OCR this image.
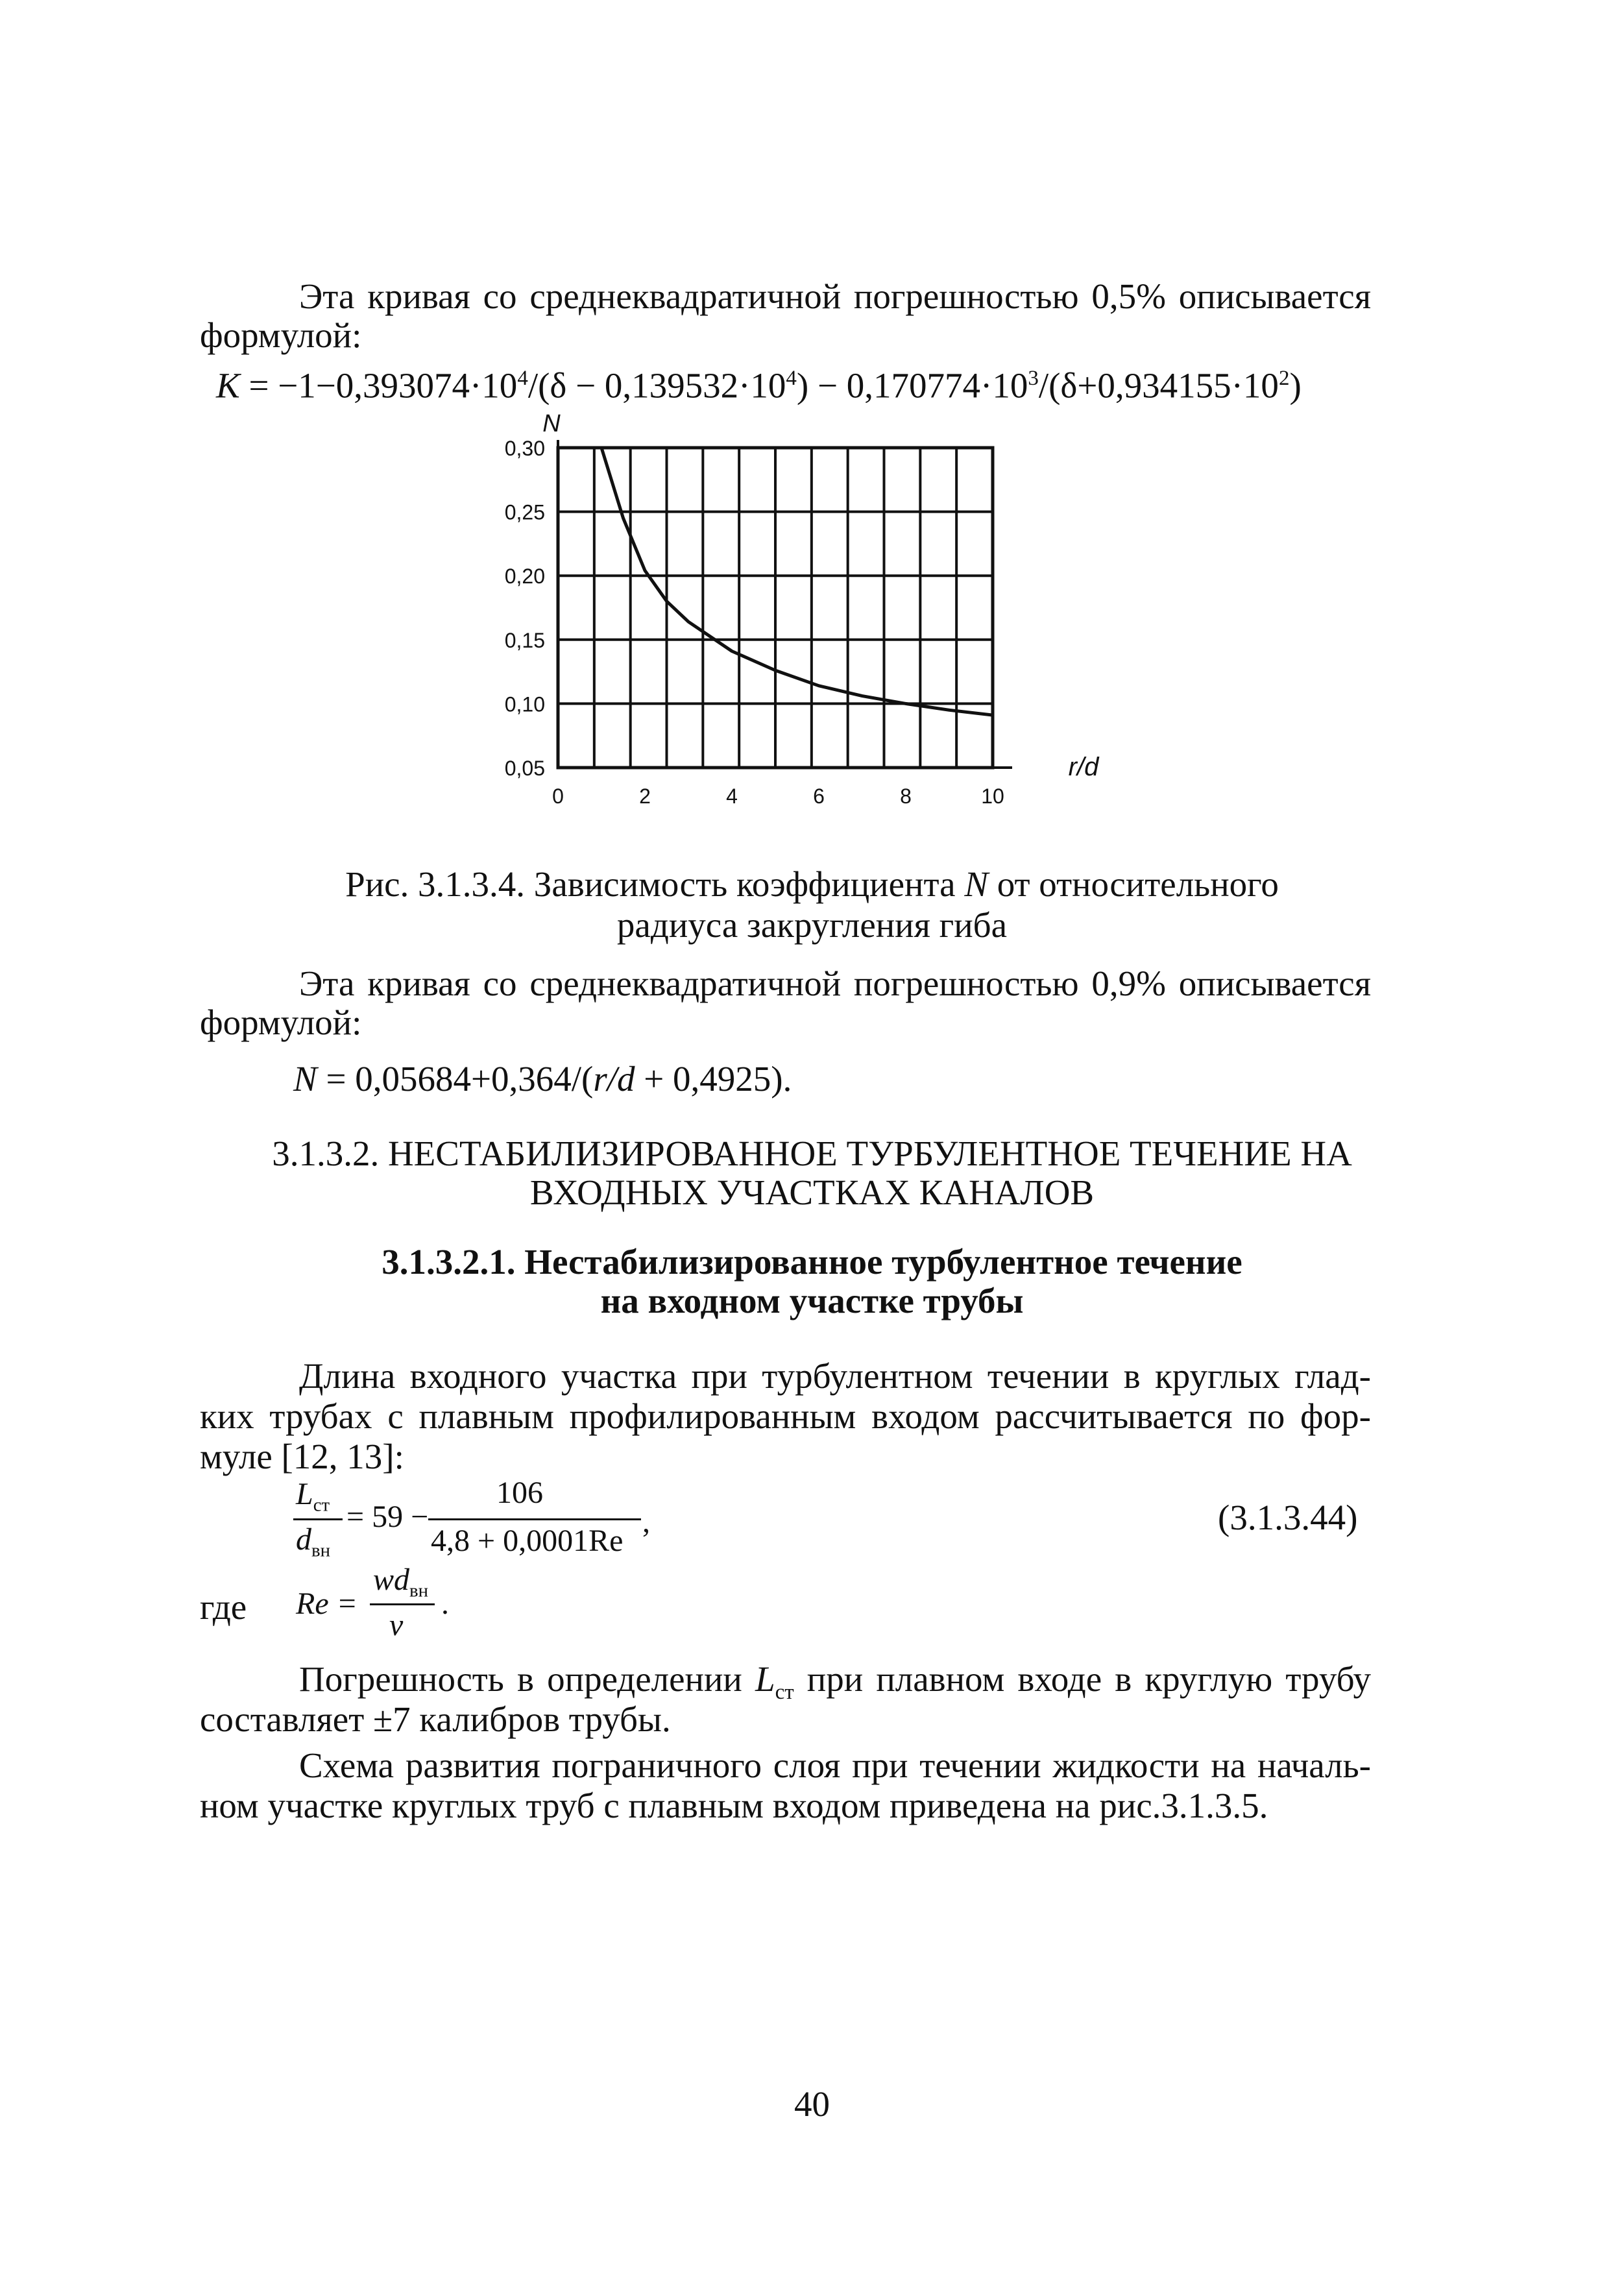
Эта кривая со среднеквадратичной погрешностью 0,5% описывается

формулой:

$K = -1-0,393074\cdot 10^4/(\delta - 0,139532\cdot 10^4) - 0,170774\cdot 10^3/(\delta+0,934155\cdot 10^2)$

0,30
0,25
0,20
0,15
0,10
0,05
0	2	4	6	8	10
N
r/d

Рис. 3.1.3.4. Зависимость коэффициента N от относительного

радиуса закругления гиба

Эта кривая со среднеквадратичной погрешностью 0,9% описывается

формулой:

N = 0,05684+0,364/(r/d + 0,4925).

3.1.3.2. НЕСТАБИЛИЗИРОВАННОЕ ТУРБУЛЕНТНОЕ ТЕЧЕНИЕ НА

ВХОДНЫХ УЧАСТКАХ КАНАЛОВ

3.1.3.2.1. Нестабилизированное турбулентное течение

на входном участке трубы

Длина входного участка при турбулентном течении в круглых глад-

ких трубах с плавным профилированным входом рассчитывается по фор-

муле [12, 13]:

$L_{ст}$
$d_{вн}$
= 59 −
106
4,8 + 0,0001Re
,	(3.1.3.44)

где Re =
$wd_{вн}$
ν
.

Погрешность в определении $L_{ст}$ при плавном входе в круглую трубу

составляет ±7 калибров трубы.

Схема развития пограничного слоя при течении жидкости на началь-

ном участке круглых труб с плавным входом приведена на рис.3.1.3.5.

40
